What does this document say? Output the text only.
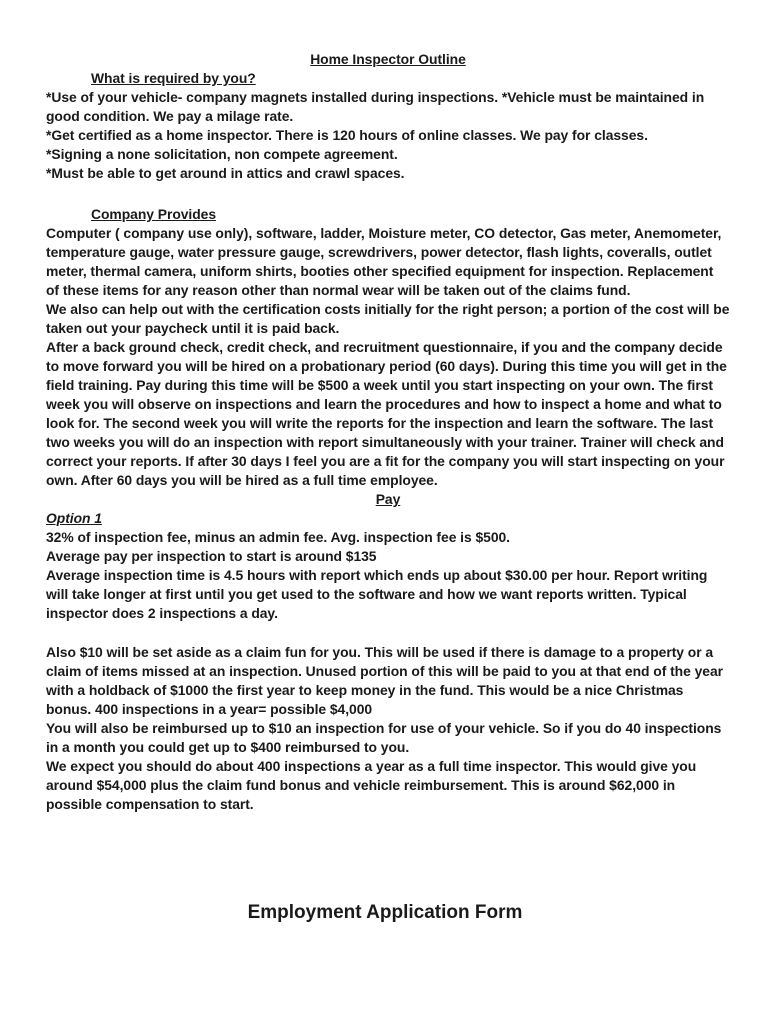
Home Inspector Outline

What is required by you?

*Use of your vehicle- company magnets installed during inspections. *Vehicle must be maintained in good condition. We pay a milage rate.

*Get certified as a home inspector. There is 120 hours of online classes. We pay for classes.

*Signing a none solicitation, non compete agreement.

*Must be able to get around in attics and crawl spaces.

Company Provides

Computer ( company use only), software, ladder, Moisture meter, CO detector, Gas meter, Anemometer, temperature gauge, water pressure gauge, screwdrivers, power detector, flash lights, coveralls, outlet meter, thermal camera, uniform shirts, booties other specified equipment for inspection. Replacement of these items for any reason other than normal wear will be taken out of the claims fund.

We also can help out with the certification costs initially for the right person; a portion of the cost will be taken out your paycheck until it is paid back.

After a back ground check, credit check, and recruitment questionnaire, if you and the company decide to move forward you will be hired on a probationary period (60 days). During this time you will get in the field training. Pay during this time will be $500 a week until you start inspecting on your own. The first week you will observe on inspections and learn the procedures and how to inspect a home and what to look for. The second week you will write the reports for the inspection and learn the software. The last two weeks you will do an inspection with report simultaneously with your trainer. Trainer will check and correct your reports. If after 30 days I feel you are a fit for the company you will start inspecting on your own. After 60 days you will be hired as a full time employee.

Pay

Option 1

32% of inspection fee, minus an admin fee. Avg. inspection fee is $500.

Average pay per inspection to start is around $135

Average inspection time is 4.5 hours with report which ends up about $30.00 per hour. Report writing will take longer at first until you get used to the software and how we want reports written. Typical inspector does 2 inspections a day.

Also $10 will be set aside as a claim fun for you. This will be used if there is damage to a property or a claim of items missed at an inspection. Unused portion of this will be paid to you at that end of the year with a holdback of $1000 the first year to keep money in the fund. This would be a nice Christmas bonus. 400 inspections in a year= possible $4,000

You will also be reimbursed up to $10 an inspection for use of your vehicle. So if you do 40 inspections in a month you could get up to $400 reimbursed to you.

We expect you should do about 400 inspections a year as a full time inspector. This would give you around $54,000 plus the claim fund bonus and vehicle reimbursement. This is around $62,000 in possible compensation to start.

Employment Application Form
